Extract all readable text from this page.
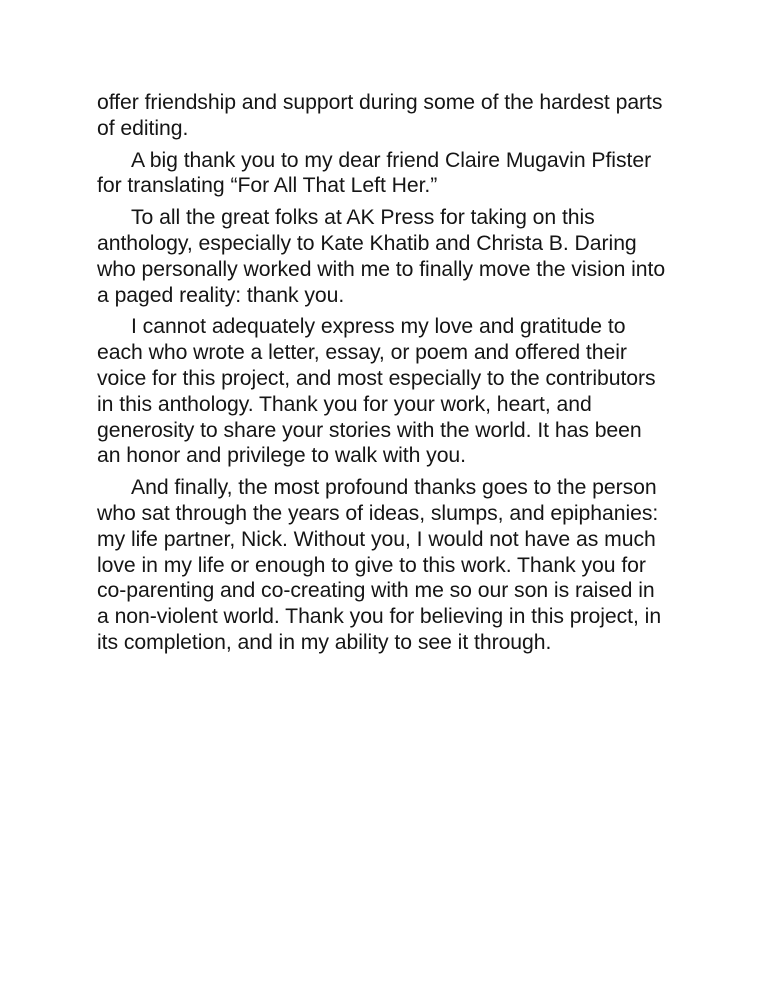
offer friendship and support during some of the hardest parts
of editing.

A big thank you to my dear friend Claire Mugavin Pfister
for translating “For All That Left Her.”

To all the great folks at AK Press for taking on this
anthology, especially to Kate Khatib and Christa B. Daring
who personally worked with me to finally move the vision into
a paged reality: thank you.

I cannot adequately express my love and gratitude to
each who wrote a letter, essay, or poem and offered their
voice for this project, and most especially to the contributors
in this anthology. Thank you for your work, heart, and
generosity to share your stories with the world. It has been
an honor and privilege to walk with you.

And finally, the most profound thanks goes to the person
who sat through the years of ideas, slumps, and epiphanies:
my life partner, Nick. Without you, I would not have as much
love in my life or enough to give to this work. Thank you for
co-parenting and co-creating with me so our son is raised in
a non-violent world. Thank you for believing in this project, in
its completion, and in my ability to see it through.
